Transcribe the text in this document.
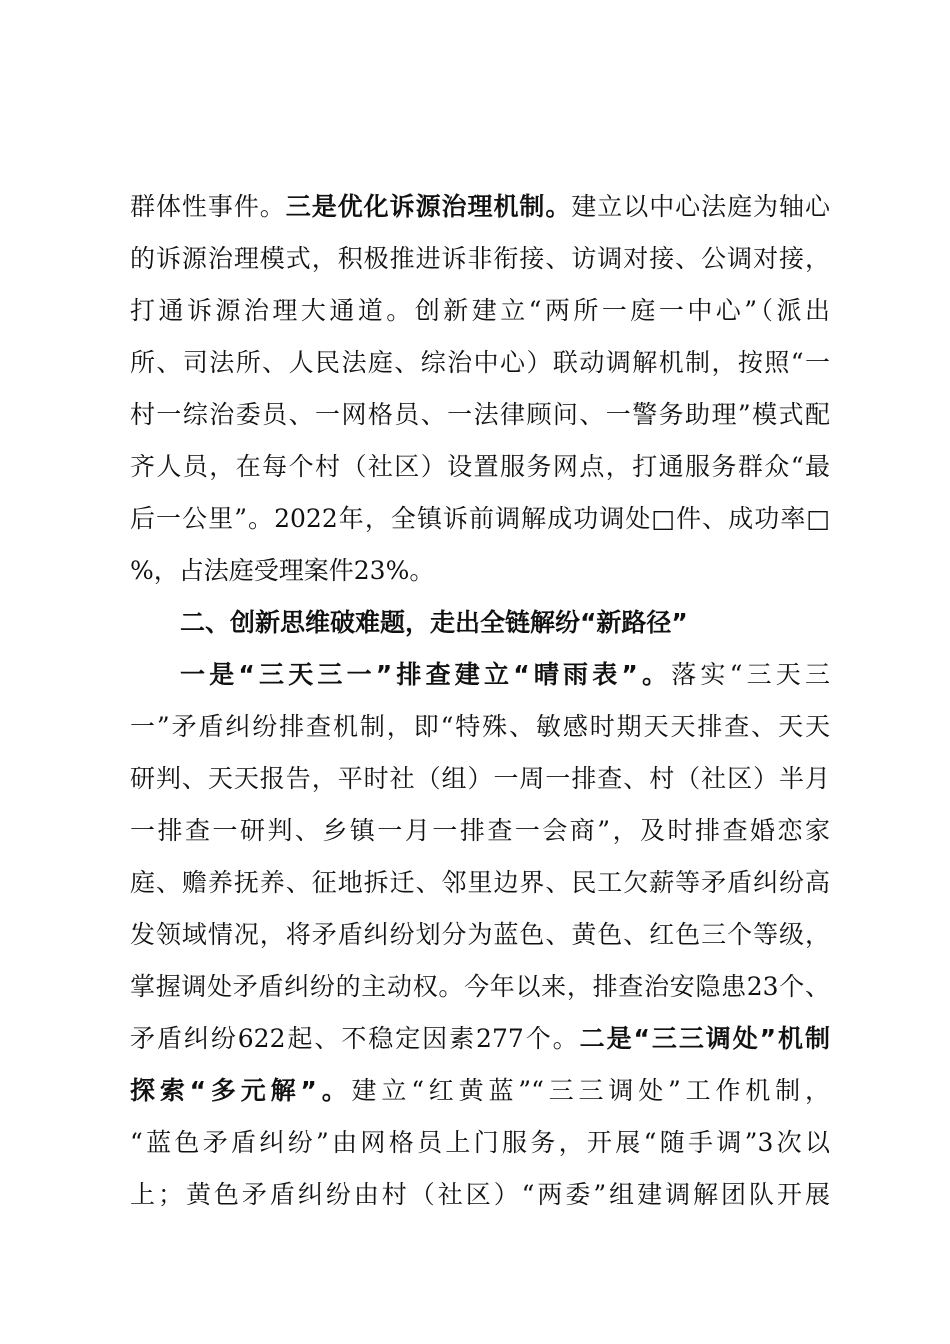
群体性事件。三是优化诉源治理机制。建立以中心法庭为轴心
的诉源治理模式，积极推进诉非衔接、访调对接、公调对接，
打通诉源治理大通道。创新建立“两所一庭一中心”（派出
所、司法所、人民法庭、综治中心）联动调解机制，按照“一
村一综治委员、一网格员、一法律顾问、一警务助理”模式配
齐人员，在每个村（社区）设置服务网点，打通服务群众“最
后一公里”。2022年，全镇诉前调解成功调处□件、成功率□
%，占法庭受理案件23%。
二、创新思维破难题，走出全链解纷“新路径”
一是“三天三一”排查建立“晴雨表”。落实“三天三
一”矛盾纠纷排查机制，即“特殊、敏感时期天天排查、天天
研判、天天报告，平时社（组）一周一排查、村（社区）半月
一排查一研判、乡镇一月一排查一会商”，及时排查婚恋家
庭、赡养抚养、征地拆迁、邻里边界、民工欠薪等矛盾纠纷高
发领域情况，将矛盾纠纷划分为蓝色、黄色、红色三个等级，
掌握调处矛盾纠纷的主动权。今年以来，排查治安隐患23个、
矛盾纠纷622起、不稳定因素277个。二是“三三调处”机制
探索“多元解”。建立“红黄蓝”“三三调处”工作机制，
“蓝色矛盾纠纷”由网格员上门服务，开展“随手调”3次以
上；黄色矛盾纠纷由村（社区）“两委”组建调解团队开展
